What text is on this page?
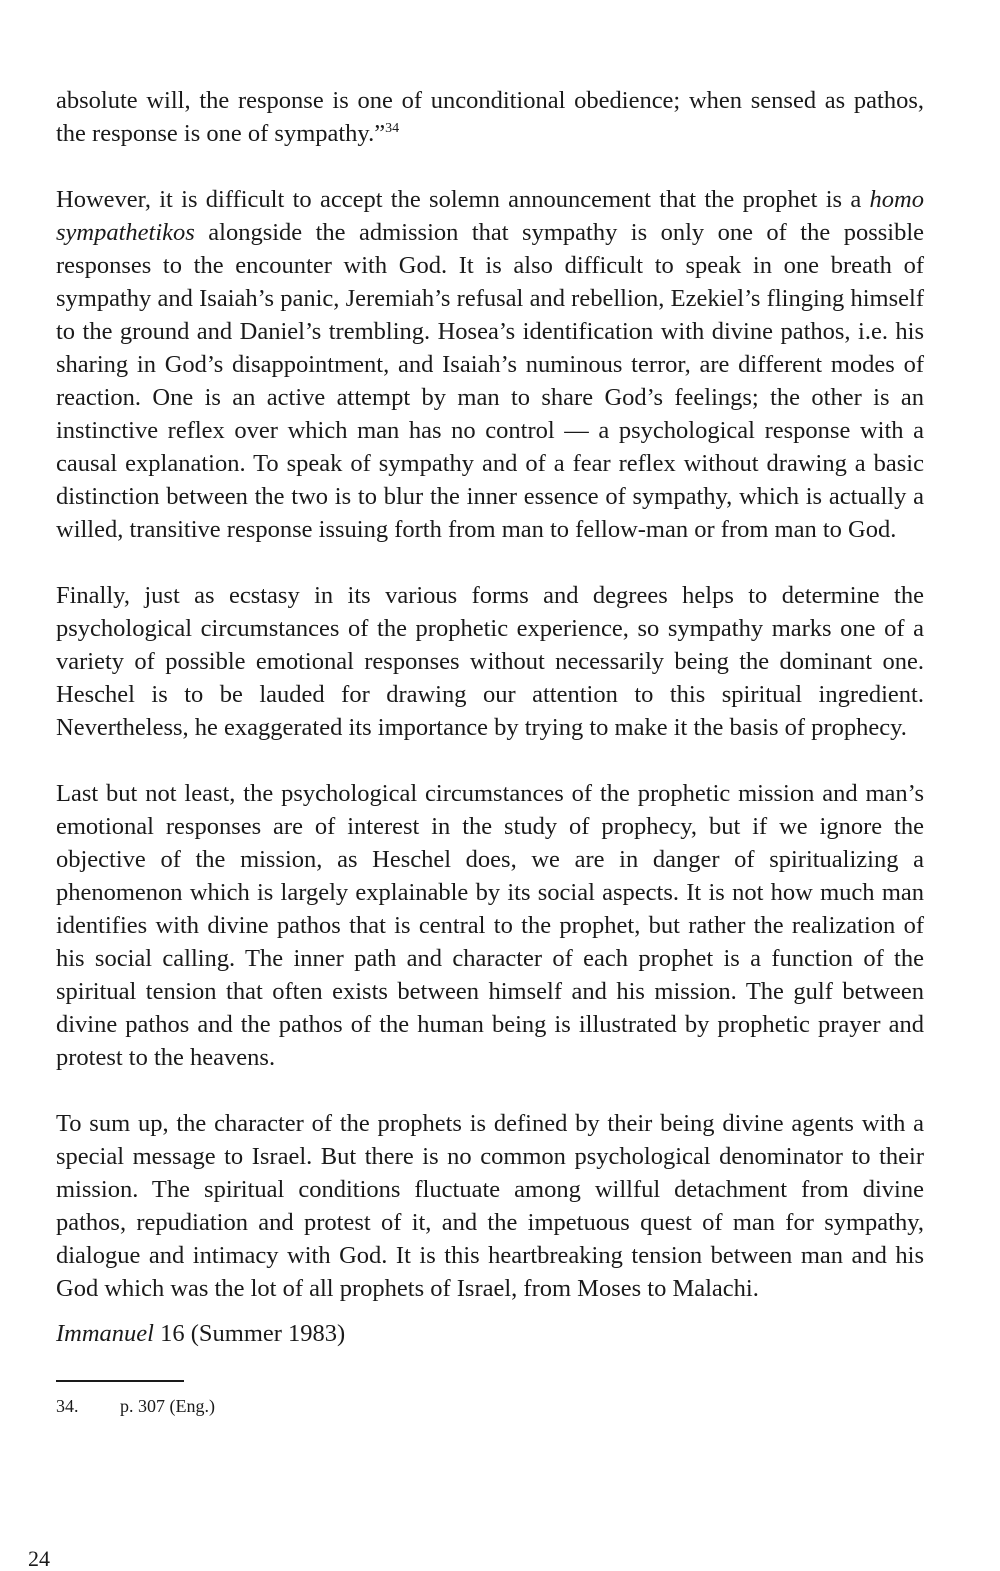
absolute will, the response is one of unconditional obedience; when sensed as pathos, the response is one of sympathy.”$^{34}$

However, it is difficult to accept the solemn announcement that the prophet is a homo sympathetikos alongside the admission that sympathy is only one of the possible responses to the encounter with God. It is also difficult to speak in one breath of sympathy and Isaiah’s panic, Jeremiah’s refusal and rebellion, Ezekiel’s flinging himself to the ground and Daniel’s trembling. Hosea’s identification with divine pathos, i.e. his sharing in God’s disappointment, and Isaiah’s numinous terror, are different modes of reaction. One is an active attempt by man to share God’s feelings; the other is an instinctive reflex over which man has no control — a psychological response with a causal explanation. To speak of sympathy and of a fear reflex without drawing a basic distinction between the two is to blur the inner essence of sympathy, which is actually a willed, transitive response issuing forth from man to fellow-man or from man to God.

Finally, just as ecstasy in its various forms and degrees helps to determine the psychological circumstances of the prophetic experience, so sympathy marks one of a variety of possible emotional responses without necessarily being the dominant one. Heschel is to be lauded for drawing our attention to this spiritual ingredient. Nevertheless, he exaggerated its importance by trying to make it the basis of prophecy.

Last but not least, the psychological circumstances of the prophetic mission and man’s emotional responses are of interest in the study of prophecy, but if we ignore the objective of the mission, as Heschel does, we are in danger of spiritualizing a phenomenon which is largely explainable by its social aspects. It is not how much man identifies with divine pathos that is central to the prophet, but rather the realization of his social calling. The inner path and character of each prophet is a function of the spiritual tension that often exists between himself and his mission. The gulf between divine pathos and the pathos of the human being is illustrated by prophetic prayer and protest to the heavens.

To sum up, the character of the prophets is defined by their being divine agents with a special message to Israel. But there is no common psychological denominator to their mission. The spiritual conditions fluctuate among willful detachment from divine pathos, repudiation and protest of it, and the impetuous quest of man for sympathy, dialogue and intimacy with God. It is this heartbreaking tension between man and his God which was the lot of all prophets of Israel, from Moses to Malachi.

Immanuel 16 (Summer 1983)
34.	p. 307 (Eng.)
24
